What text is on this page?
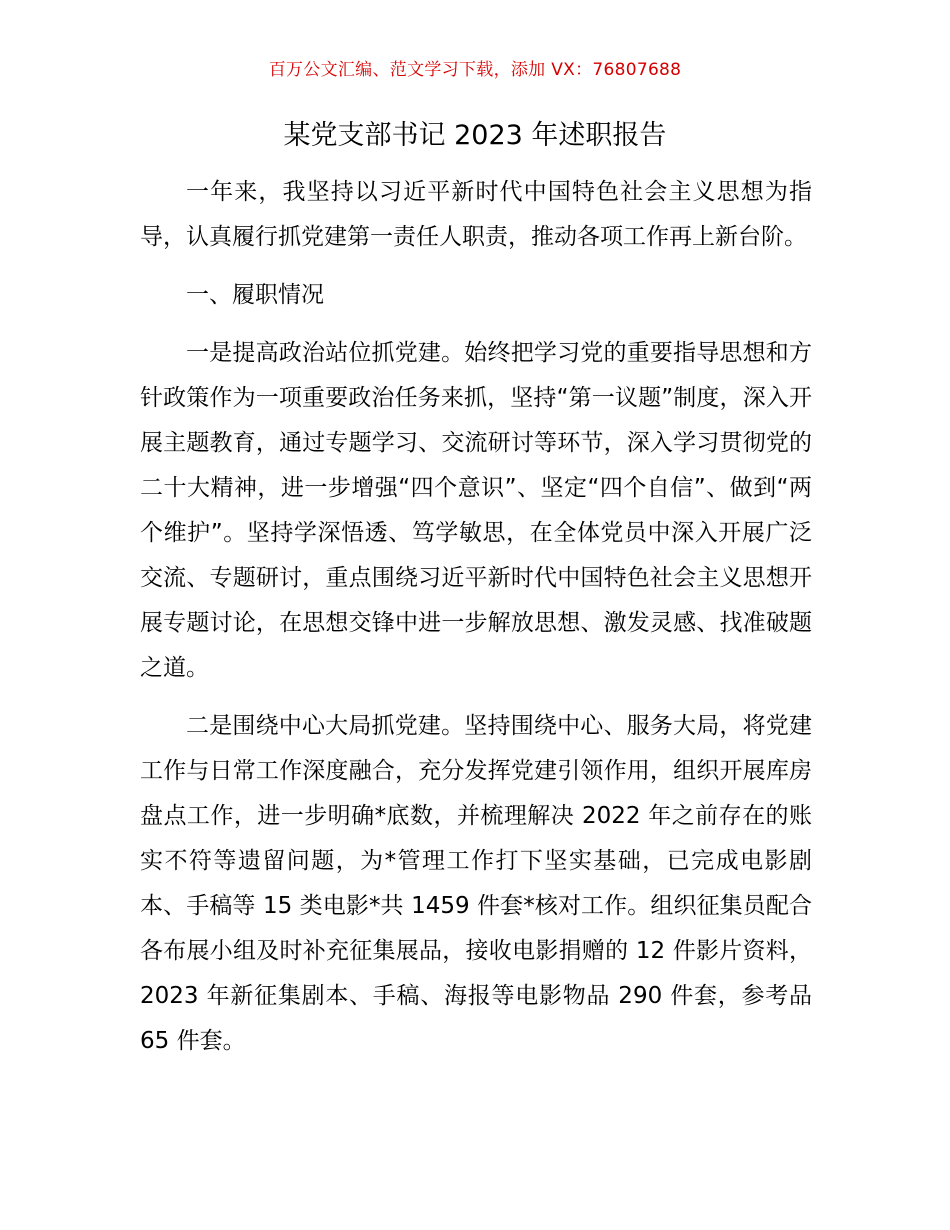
百万公文汇编、范文学习下载，添加 VX：76807688
某党支部书记 2023 年述职报告

一年来，我坚持以习近平新时代中国特色社会主义思想为指导，认真履行抓党建第一责任人职责，推动各项工作再上新台阶。

一、履职情况

一是提高政治站位抓党建。始终把学习党的重要指导思想和方针政策作为一项重要政治任务来抓，坚持“第一议题”制度，深入开展主题教育，通过专题学习、交流研讨等环节，深入学习贯彻党的二十大精神，进一步增强“四个意识”、坚定“四个自信”、做到“两个维护”。坚持学深悟透、笃学敏思，在全体党员中深入开展广泛交流、专题研讨，重点围绕习近平新时代中国特色社会主义思想开展专题讨论，在思想交锋中进一步解放思想、激发灵感、找准破题之道。

二是围绕中心大局抓党建。坚持围绕中心、服务大局，将党建工作与日常工作深度融合，充分发挥党建引领作用，组织开展库房盘点工作，进一步明确*底数，并梳理解决 2022 年之前存在的账实不符等遗留问题，为*管理工作打下坚实基础，已完成电影剧本、手稿等 15 类电影*共 1459 件套*核对工作。组织征集员配合各布展小组及时补充征集展品，接收电影捐赠的 12 件影片资料，2023 年新征集剧本、手稿、海报等电影物品 290 件套，参考品 65 件套。
